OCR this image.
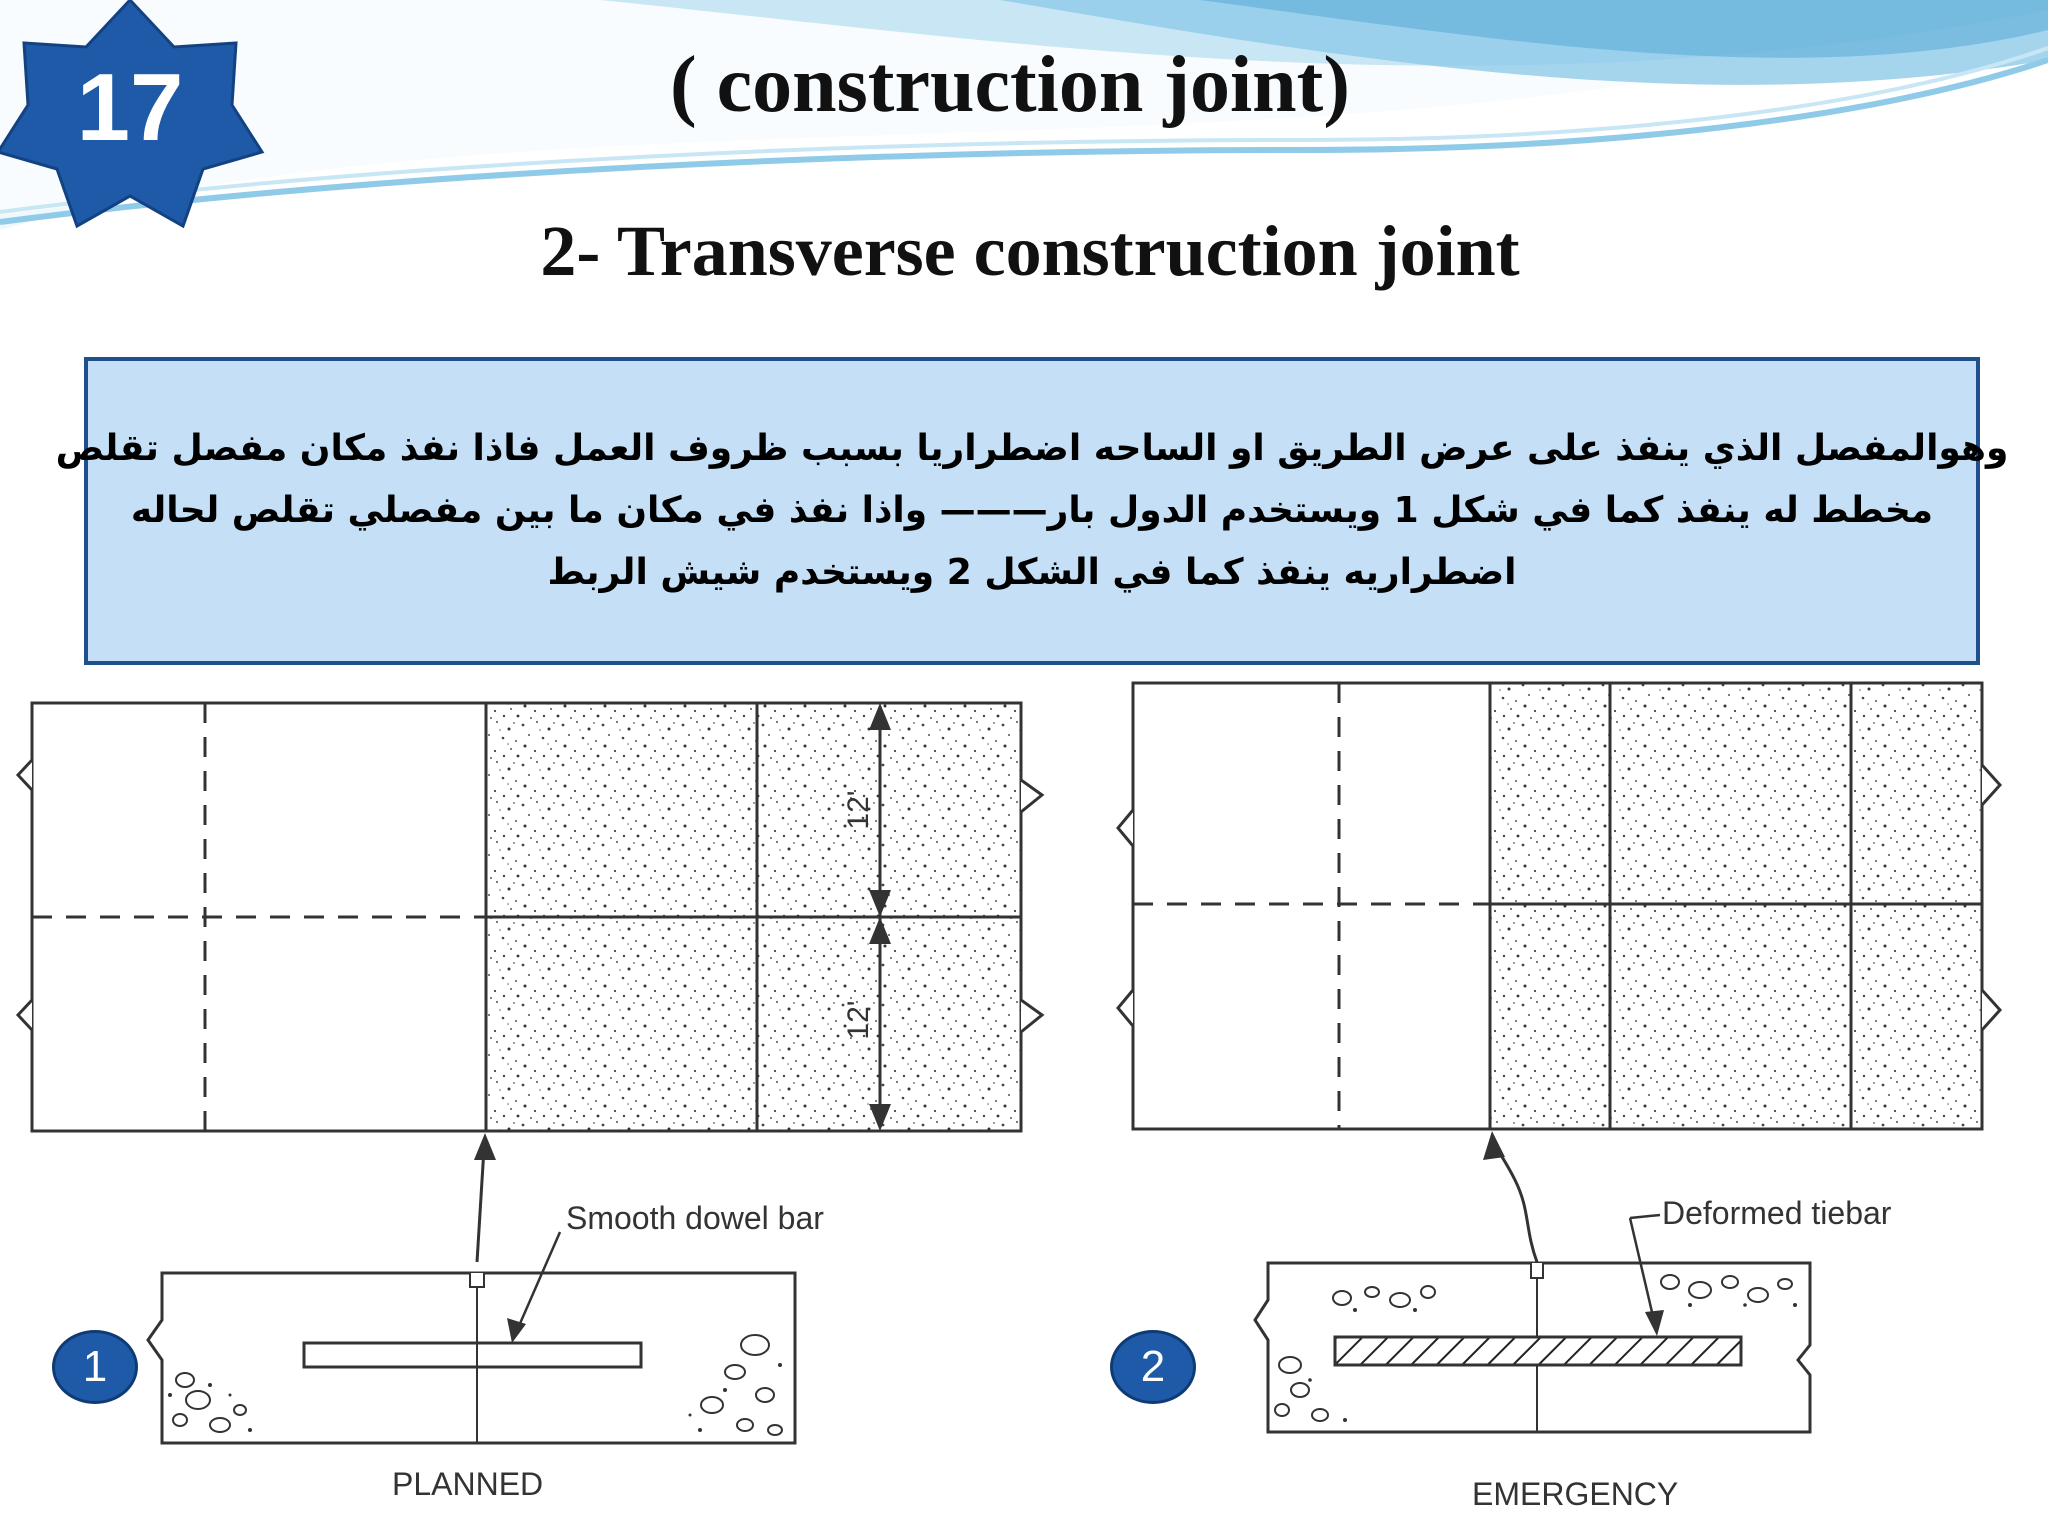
12'
12'
17	( construction joint)
2- Transverse construction joint
وهوالمفصل الذي ينفذ على عرض الطريق او الساحه اضطراريا بسبب ظروف العمل فاذا نفذ مكان مفصل تقلص
مخطط له ينفذ كما في شكل 1 ويستخدم الدول بار——— واذا نفذ في مكان ما بين مفصلي تقلص لحاله
اضطراريه ينفذ كما في الشكل 2 ويستخدم شيش الربط
Smooth dowel bar
PLANNED
Deformed tiebar
EMERGENCY
1	2
